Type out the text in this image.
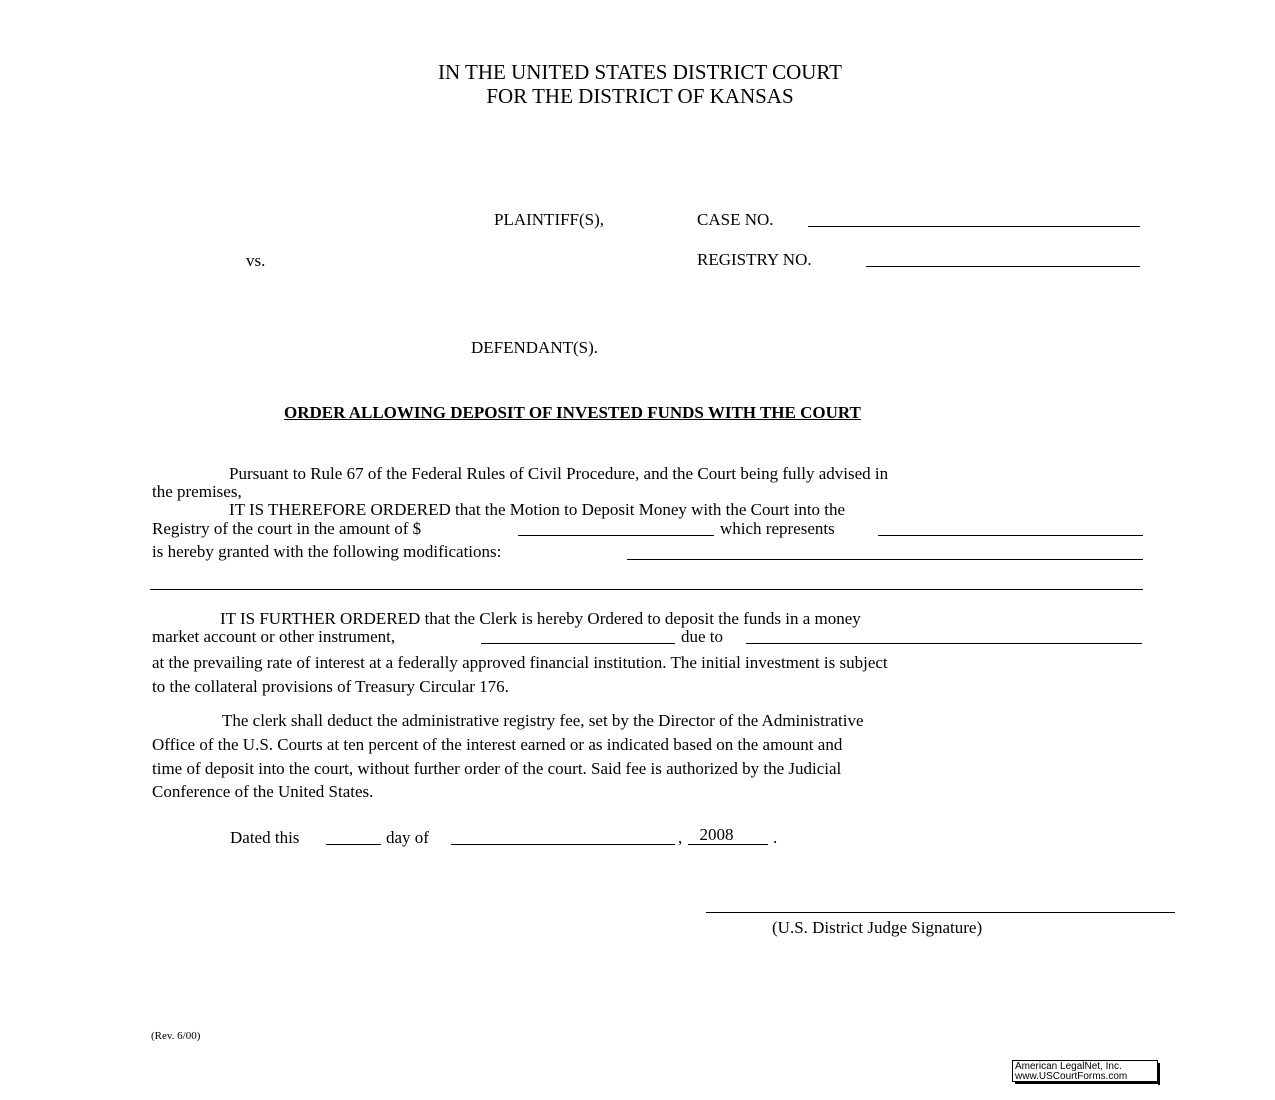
IN THE UNITED STATES DISTRICT COURT
FOR THE DISTRICT OF KANSAS
PLAINTIFF(S),	CASE NO.
vs.	REGISTRY NO.
DEFENDANT(S).
ORDER ALLOWING DEPOSIT OF INVESTED FUNDS WITH THE COURT
Pursuant to Rule 67 of the Federal Rules of Civil Procedure, and the Court being fully advised in
the premises,
IT IS THEREFORE ORDERED that the Motion to Deposit Money with the Court into the
Registry of the court in the amount of $	which represents
is hereby granted with the following modifications:
IT IS FURTHER ORDERED that the Clerk is hereby Ordered to deposit the funds in a money
market account or other instrument,	due to
at the prevailing rate of interest at a federally approved financial institution. The initial investment is subject
to the collateral provisions of Treasury Circular 176.
The clerk shall deduct the administrative registry fee, set by the Director of the Administrative
Office of the U.S. Courts at ten percent of the interest earned or as indicated based on the amount and
time of deposit into the court, without further order of the court. Said fee is authorized by the Judicial
Conference of the United States.
Dated this	day of	,	2008	.
(U.S. District Judge Signature)
(Rev. 6/00)
American LegalNet, Inc.
www.USCourtForms.com
